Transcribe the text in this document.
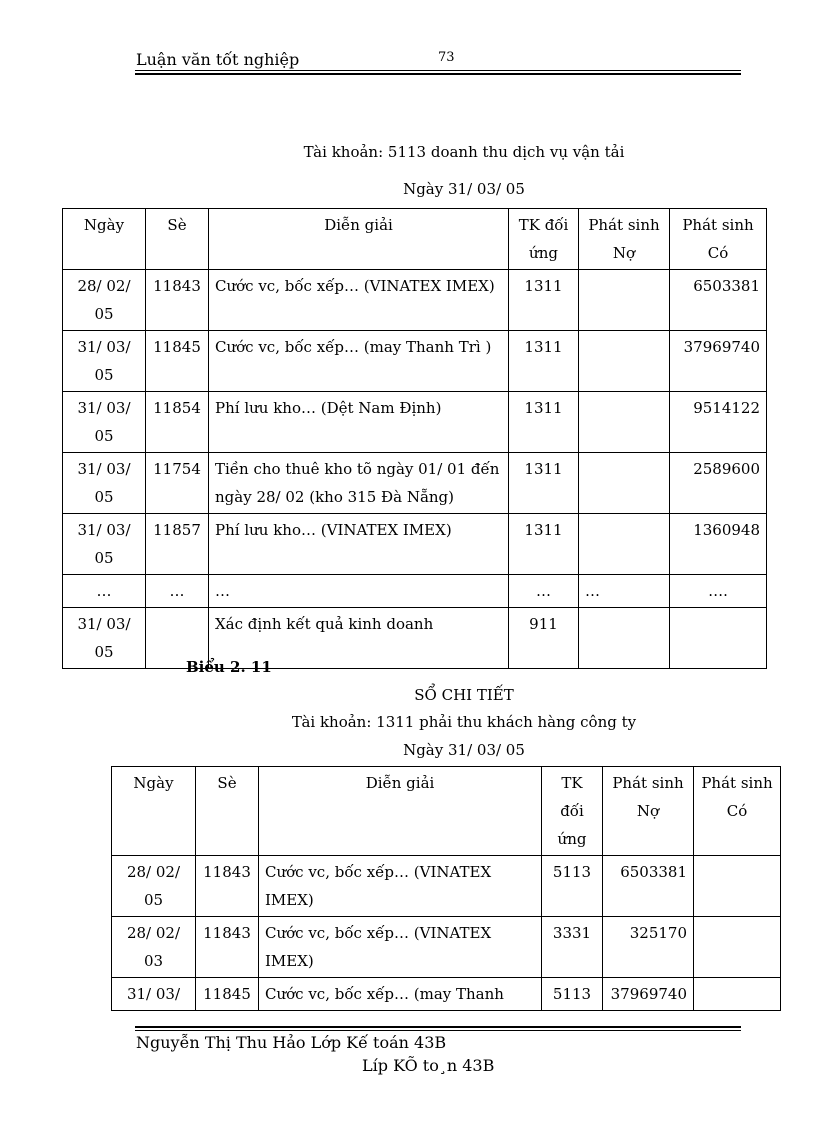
Luận văn tốt nghiệp	73
Tài khoản: 5113 doanh thu dịch vụ vận tải
Ngày 31/ 03/ 05
Ngày	Sè	Diễn giải	TK đối ứng	Phát sinh Nợ	Phát sinh Có
28/ 02/ 05	11843	Cước vc, bốc xếp… (VINATEX IMEX)	1311		6503381
31/ 03/ 05	11845	Cước vc, bốc xếp… (may Thanh Trì )	1311		37969740
31/ 03/ 05	11854	Phí lưu kho… (Dệt Nam Định)	1311		9514122
31/ 03/ 05	11754	Tiền cho thuê kho tõ ngày 01/ 01 đến ngày 28/ 02 (kho 315 Đà Nẵng)	1311		2589600
31/ 03/ 05	11857	Phí lưu kho… (VINATEX IMEX)	1311		1360948
…	…	…	…	…	….
31/ 03/ 05		Xác định kết quả kinh doanh	911		
Biểu 2. 11
SỔ CHI TIẾT
Tài khoản: 1311 phải thu khách hàng công ty
Ngày 31/ 03/ 05
Ngày	Sè	Diễn giải	TK đối ứng	Phát sinh Nợ	Phát sinh Có
28/ 02/ 05	11843	Cước vc, bốc xếp… (VINATEX IMEX)	5113	6503381	
28/ 02/ 03	11843	Cước vc, bốc xếp… (VINATEX IMEX)	3331	325170	
31/ 03/	11845	Cước vc, bốc xếp… (may Thanh	5113	37969740	
Nguyễn Thị Thu Hảo Lớp Kế toán 43B
Líp KÕ to¸n 43B
